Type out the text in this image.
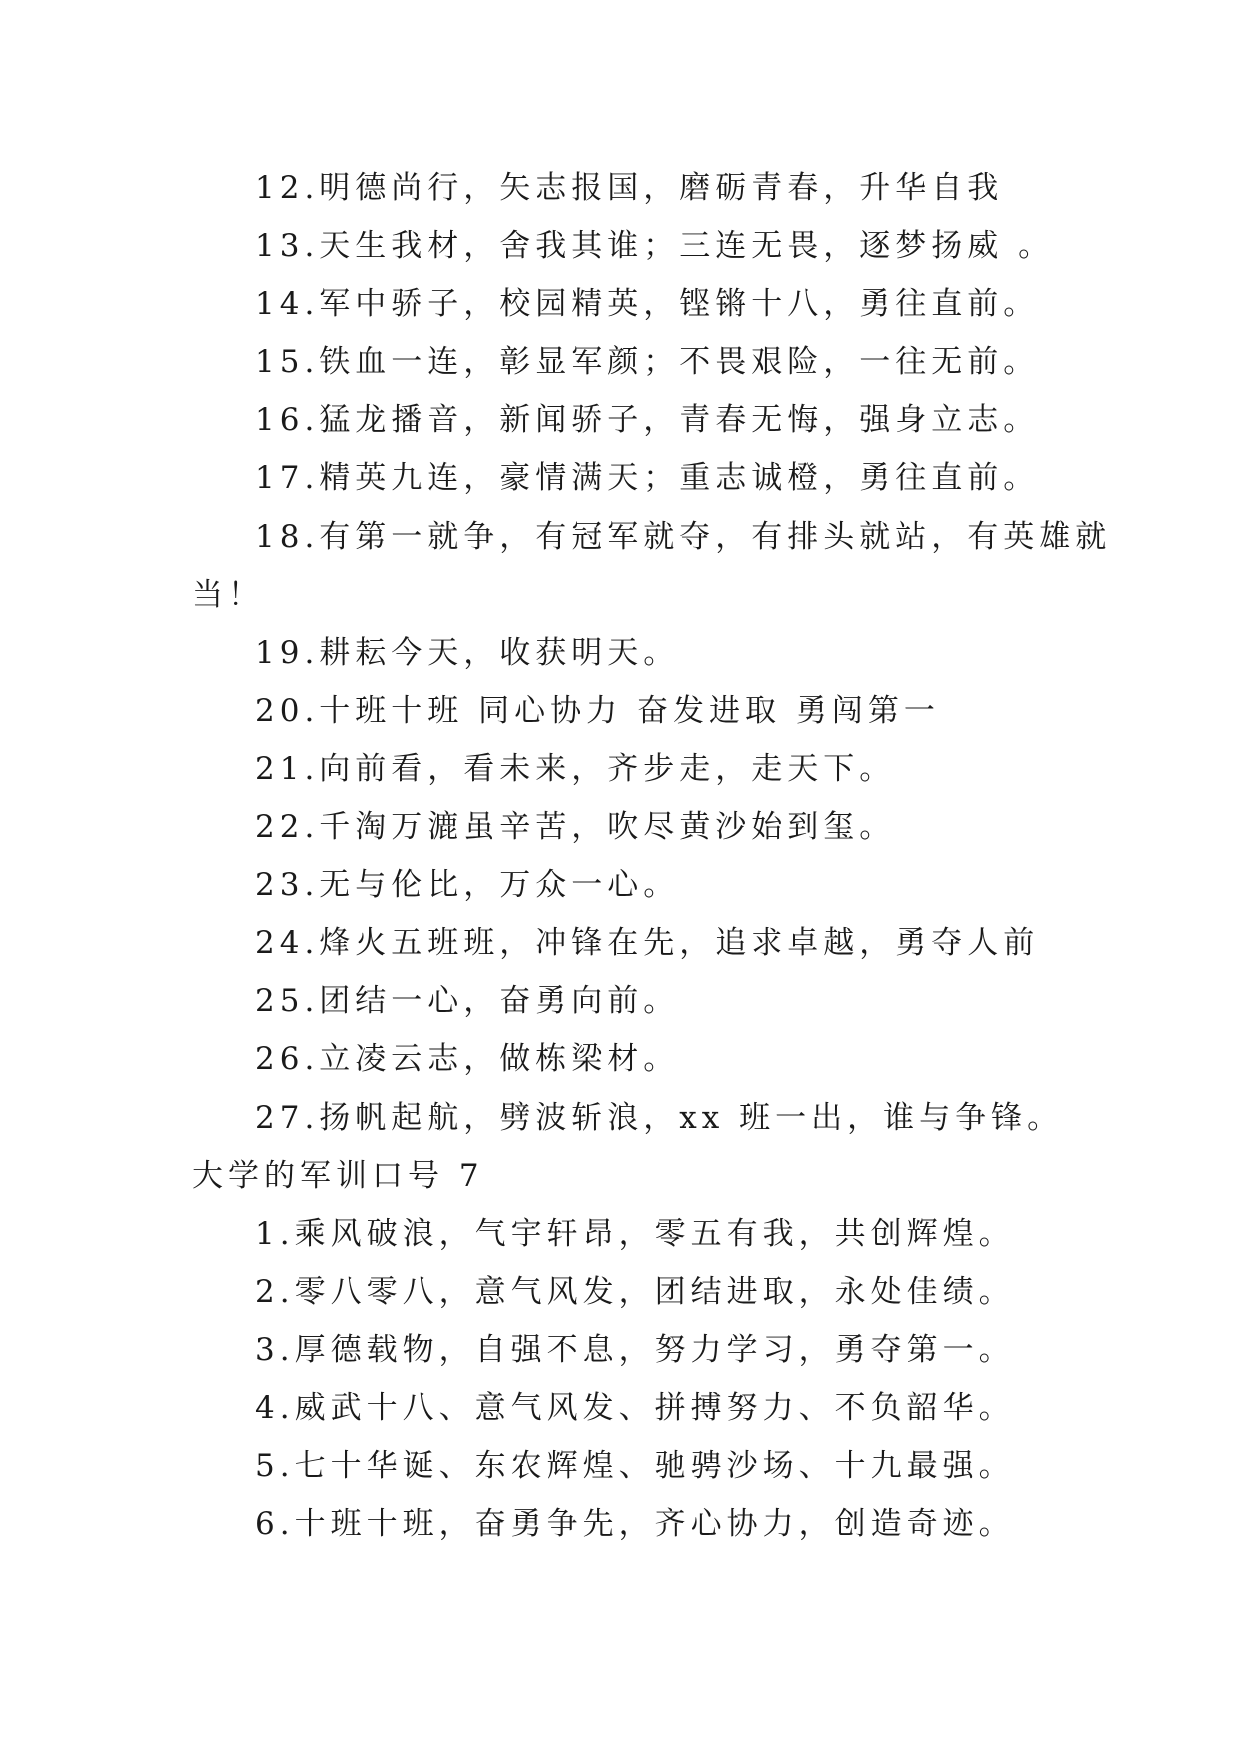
12.明德尚行，矢志报国，磨砺青春，升华自我

13.天生我材，舍我其谁；三连无畏，逐梦扬威 。

14.军中骄子，校园精英，铿锵十八，勇往直前。

15.铁血一连，彰显军颜；不畏艰险，一往无前。

16.猛龙播音，新闻骄子，青春无悔，强身立志。

17.精英九连，豪情满天；重志诚橙，勇往直前。

18.有第一就争，有冠军就夺，有排头就站，有英雄就

当！

19.耕耘今天，收获明天。

20.十班十班 同心协力 奋发进取 勇闯第一

21.向前看，看未来，齐步走，走天下。

22.千淘万漉虽辛苦，吹尽黄沙始到玺。

23.无与伦比，万众一心。

24.烽火五班班，冲锋在先，追求卓越，勇夺人前

25.团结一心，奋勇向前。

26.立凌云志，做栋梁材。

27.扬帆起航，劈波斩浪，xx 班一出，谁与争锋。

大学的军训口号 7

1.乘风破浪，气宇轩昂，零五有我，共创辉煌。

2.零八零八，意气风发，团结进取，永处佳绩。

3.厚德载物，自强不息，努力学习，勇夺第一。

4.威武十八、意气风发、拼搏努力、不负韶华。

5.七十华诞、东农辉煌、驰骋沙场、十九最强。

6.十班十班，奋勇争先，齐心协力，创造奇迹。
